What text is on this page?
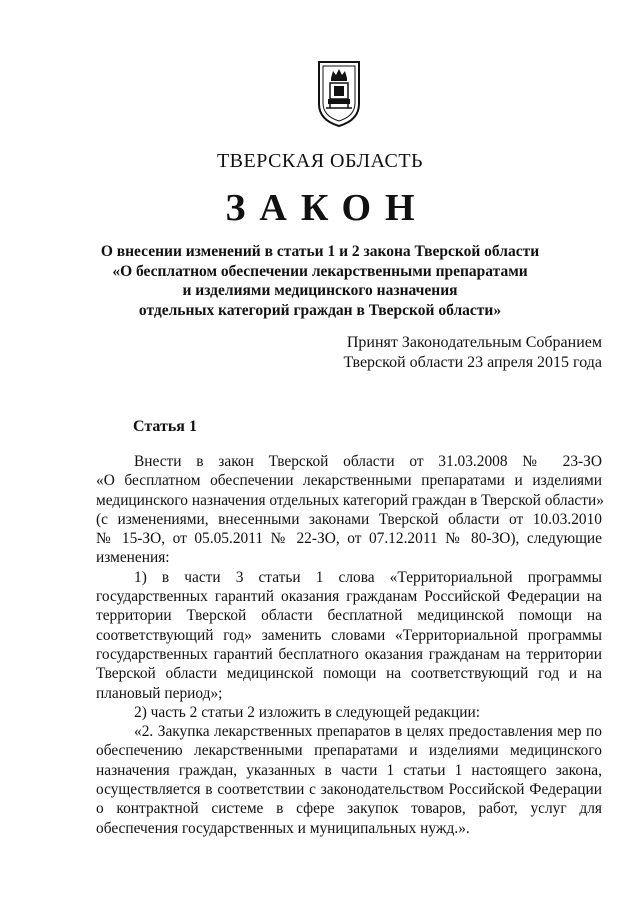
ТВЕРСКАЯ ОБЛАСТЬ
ЗАКОН
О внесении изменений в статьи 1 и 2 закона Тверской области
«О бесплатном обеспечении лекарственными препаратами
и изделиями медицинского назначения
отдельных категорий граждан в Тверской области»
Принят Законодательным Собранием
Тверской области 23 апреля 2015 года
Статья 1
Внести в закон Тверской области от 31.03.2008 № 23-ЗО
«О бесплатном обеспечении лекарственными препаратами и изделиями
медицинского назначения отдельных категорий граждан в Тверской области»
(с изменениями, внесенными законами Тверской области от 10.03.2010
№ 15-ЗО, от 05.05.2011 № 22-ЗО, от 07.12.2011 № 80-ЗО), следующие
изменения:
1) в части 3 статьи 1 слова «Территориальной программы
государственных гарантий оказания гражданам Российской Федерации на
территории Тверской области бесплатной медицинской помощи на
соответствующий год» заменить словами «Территориальной программы
государственных гарантий бесплатного оказания гражданам на территории
Тверской области медицинской помощи на соответствующий год и на
плановый период»;
2) часть 2 статьи 2 изложить в следующей редакции:
«2. Закупка лекарственных препаратов в целях предоставления мер по
обеспечению лекарственными препаратами и изделиями медицинского
назначения граждан, указанных в части 1 статьи 1 настоящего закона,
осуществляется в соответствии с законодательством Российской Федерации
о контрактной системе в сфере закупок товаров, работ, услуг для
обеспечения государственных и муниципальных нужд.».
